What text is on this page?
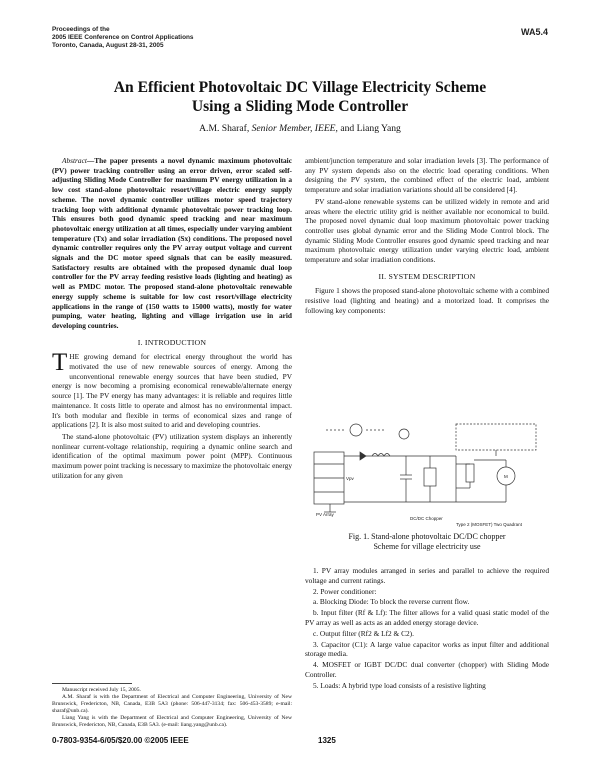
Proceedings of the
2005 IEEE Conference on Control Applications
Toronto, Canada, August 28-31, 2005
WA5.4
An Efficient Photovoltaic DC Village Electricity Scheme
Using a Sliding Mode Controller
A.M. Sharaf, Senior Member, IEEE, and Liang Yang

Abstract—The paper presents a novel dynamic maximum photovoltaic (PV) power tracking controller using an error driven, error scaled self-adjusting Sliding Mode Controller for maximum PV energy utilization in a low cost stand-alone photovoltaic resort/village electric energy supply scheme. The novel dynamic controller utilizes motor speed trajectory tracking loop with additional dynamic photovoltaic power tracking loop. This ensures both good dynamic speed tracking and near maximum photovoltaic energy utilization at all times, especially under varying ambient temperature (Tx) and solar irradiation (Sx) conditions. The proposed novel dynamic controller requires only the PV array output voltage and current signals and the DC motor speed signals that can be easily measured. Satisfactory results are obtained with the proposed dynamic dual loop controller for the PV array feeding resistive loads (lighting and heating) as well as PMDC motor. The proposed stand-alone photovoltaic renewable energy supply scheme is suitable for low cost resort/village electricity applications in the range of (150 watts to 15000 watts), mostly for water pumping, water heating, lighting and village irrigation use in arid developing countries.

I. INTRODUCTION

THE growing demand for electrical energy throughout the world has motivated the use of new renewable sources of energy. Among the unconventional renewable energy sources that have been studied, PV energy is now becoming a promising economical renewable/alternate energy source [1]. The PV energy has many advantages: it is reliable and requires little maintenance. It costs little to operate and almost has no environmental impact. It's both modular and flexible in terms of economical sizes and range of applications [2]. It is also most suited to arid and developing countries.

The stand-alone photovoltaic (PV) utilization system displays an inherently nonlinear current-voltage relationship, requiring a dynamic online search and identification of the optimal maximum power point (MPP). Continuous maximum power point tracking is necessary to maximize the photovoltaic energy utilization for any given

Manuscript received July 15, 2005.

A.M. Sharaf is with the Department of Electrical and Computer Engineering, University of New Brunswick, Fredericton, NB, Canada, E3B 5A3 (phone: 506-447-3134; fax: 506-453-3589; e-mail: sharaf@unb.ca).

Liang Yang is with the Department of Electrical and Computer Engineering, University of New Brunswick, Fredericton, NB, Canada, E3B 5A3. (e-mail: liang.yang@unb.ca).

ambient/junction temperature and solar irradiation levels [3]. The performance of any PV system depends also on the electric load operating conditions. When designing the PV system, the combined effect of the electric load, ambient temperature and solar irradiation variations should all be considered [4].

PV stand-alone renewable systems can be utilized widely in remote and arid areas where the electric utility grid is neither available nor economical to build. The proposed novel dynamic dual loop maximum photovoltaic power tracking controller uses global dynamic error and the Sliding Mode Control block. The dynamic Sliding Mode Controller ensures good dynamic speed tracking and near maximum photovoltaic energy utilization under varying electric load, ambient temperature and solar irradiation conditions.

II. SYSTEM DESCRIPTION

Figure 1 shows the proposed stand-alone photovoltaic scheme with a combined resistive load (lighting and heating) and a motorized load. It comprises the following key components:

PV Array
DC/DC Chopper
Vpv	M
Type 2 (MOSFET) Two Quadrant
Fig. 1. Stand-alone photovoltaic DC/DC chopper
Scheme for village electricity use

1. PV array modules arranged in series and parallel to achieve the required voltage and current ratings.

2. Power conditioner:

a. Blocking Diode: To block the reverse current flow.

b. Input filter (Rf & Lf): The filter allows for a valid quasi static model of the PV array as well as acts as an added energy storage device.

c. Output filter (Rf2 & Lf2 & C2).

3. Capacitor (C1): A large value capacitor works as input filter and additional storage media.

4. MOSFET or IGBT DC/DC dual converter (chopper) with Sliding Mode Controller.

5. Loads: A hybrid type load consists of a resistive lighting

0-7803-9354-6/05/$20.00 ©2005 IEEE	1325
